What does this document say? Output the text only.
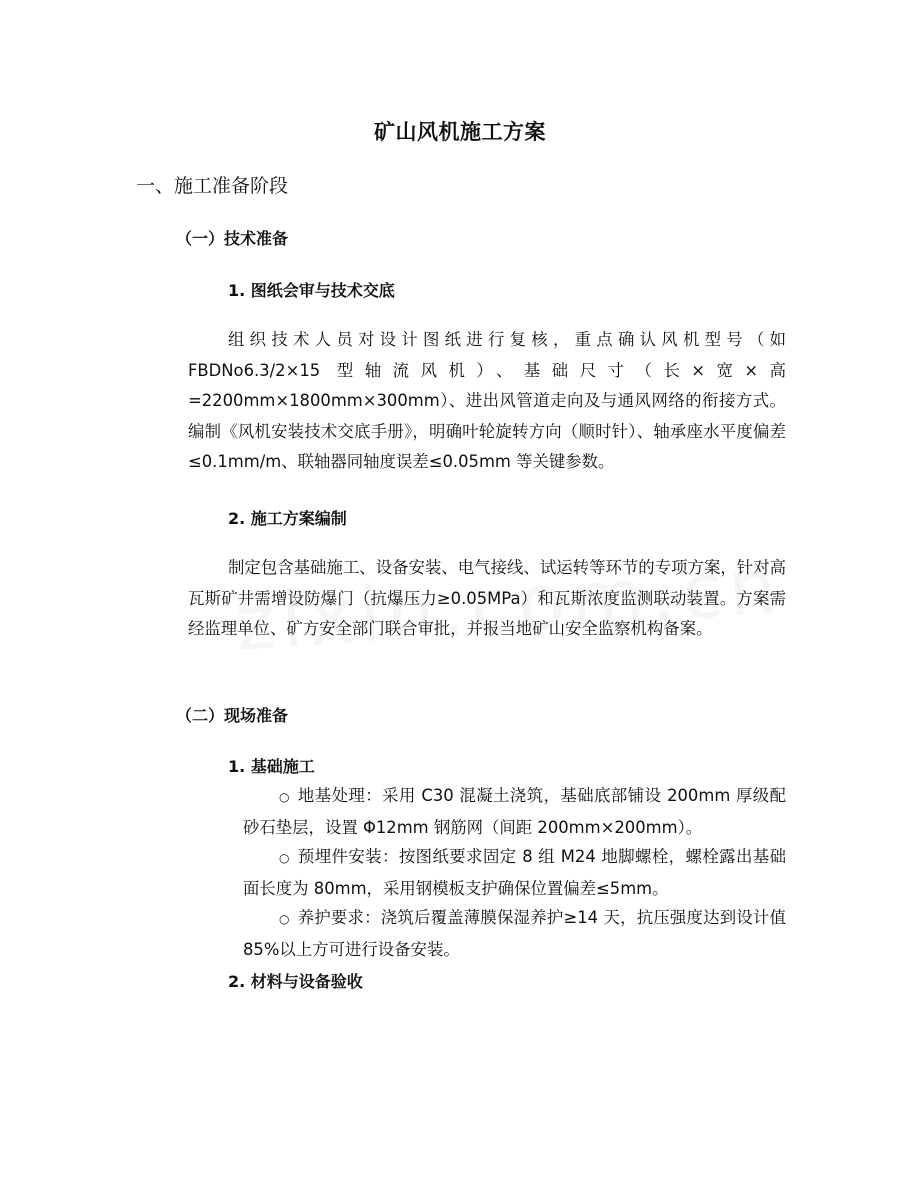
矿山风机施工方案
一、施工准备阶段
（一）技术准备
1. 图纸会审与技术交底
组织技术人员对设计图纸进行复核，重点确认风机型号（如FBDNo6.3/2×15 型轴流风机）、基础尺寸（长×宽×高=2200mm×1800mm×300mm）、进出风管道走向及与通风网络的衔接方式。编制《风机安装技术交底手册》，明确叶轮旋转方向（顺时针）、轴承座水平度偏差≤0.1mm/m、联轴器同轴度误差≤0.05mm 等关键参数。
2. 施工方案编制
制定包含基础施工、设备安装、电气接线、试运转等环节的专项方案，针对高瓦斯矿井需增设防爆门（抗爆压力≥0.05MPa）和瓦斯浓度监测联动装置。方案需经监理单位、矿方安全部门联合审批，并报当地矿山安全监察机构备案。
（二）现场准备
1. 基础施工
○ 地基处理：采用 C30 混凝土浇筑，基础底部铺设 200mm 厚级配砂石垫层，设置 Φ12mm 钢筋网（间距 200mm×200mm）。
○ 预埋件安装：按图纸要求固定 8 组 M24 地脚螺栓，螺栓露出基础面长度为 80mm，采用钢模板支护确保位置偏差≤5mm。
○ 养护要求：浇筑后覆盖薄膜保湿养护≥14 天，抗压强度达到设计值 85%以上方可进行设备安装。
2. 材料与设备验收
